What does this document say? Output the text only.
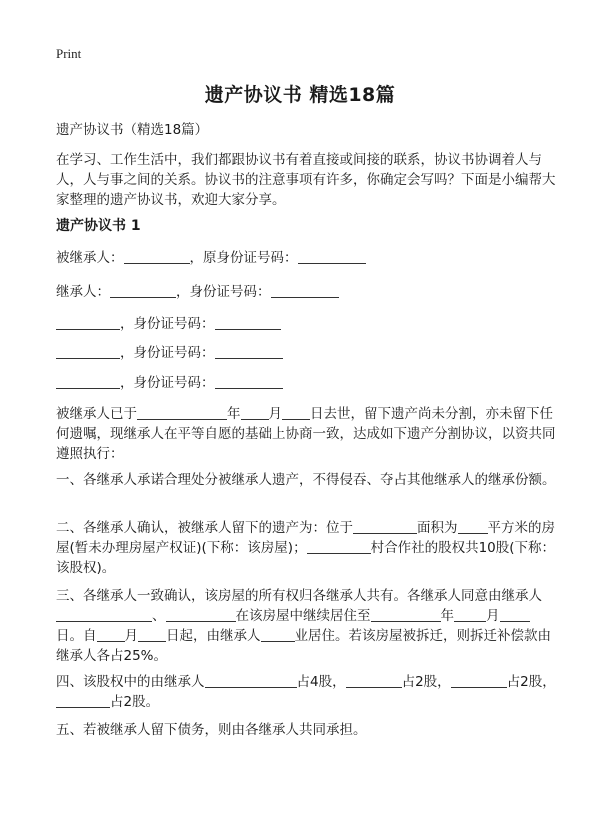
Print
遗产协议书 精选18篇

遗产协议书（精选18篇）

在学习、工作生活中，我们都跟协议书有着直接或间接的联系，协议书协调着人与人，人与事之间的关系。协议书的注意事项有许多，你确定会写吗？下面是小编帮大家整理的遗产协议书，欢迎大家分享。

遗产协议书 1

被继承人：	，原身份证号码：

继承人：	，身份证号码：

，身份证号码：

，身份证号码：

，身份证号码：

被继承人已于	年 月 日去世，留下遗产尚未分割，亦未留下任何遗嘱，现继承人在平等自愿的基础上协商一致，达成如下遗产分割协议，以资共同遵照执行：

一、各继承人承诺合理处分被继承人遗产，不得侵吞、夺占其他继承人的继承份额。

二、各继承人确认，被继承人留下的遗产为：位于	面积为 平方米的房屋(暂未办理房屋产权证)(下称：该房屋)；	村合作社的股权共10股(下称：该股权)。

三、各继承人一致确认，该房屋的所有权归各继承人共有。各继承人同意由继承人、	在该房屋中继续居住至	年 月日。自 月 日起，由继承人	业居住。若该房屋被拆迁，则拆迁补偿款由继承人各占25%。

四、该股权中的由继承人	占4股，	占2股，	占2股，占2股。

五、若被继承人留下债务，则由各继承人共同承担。
